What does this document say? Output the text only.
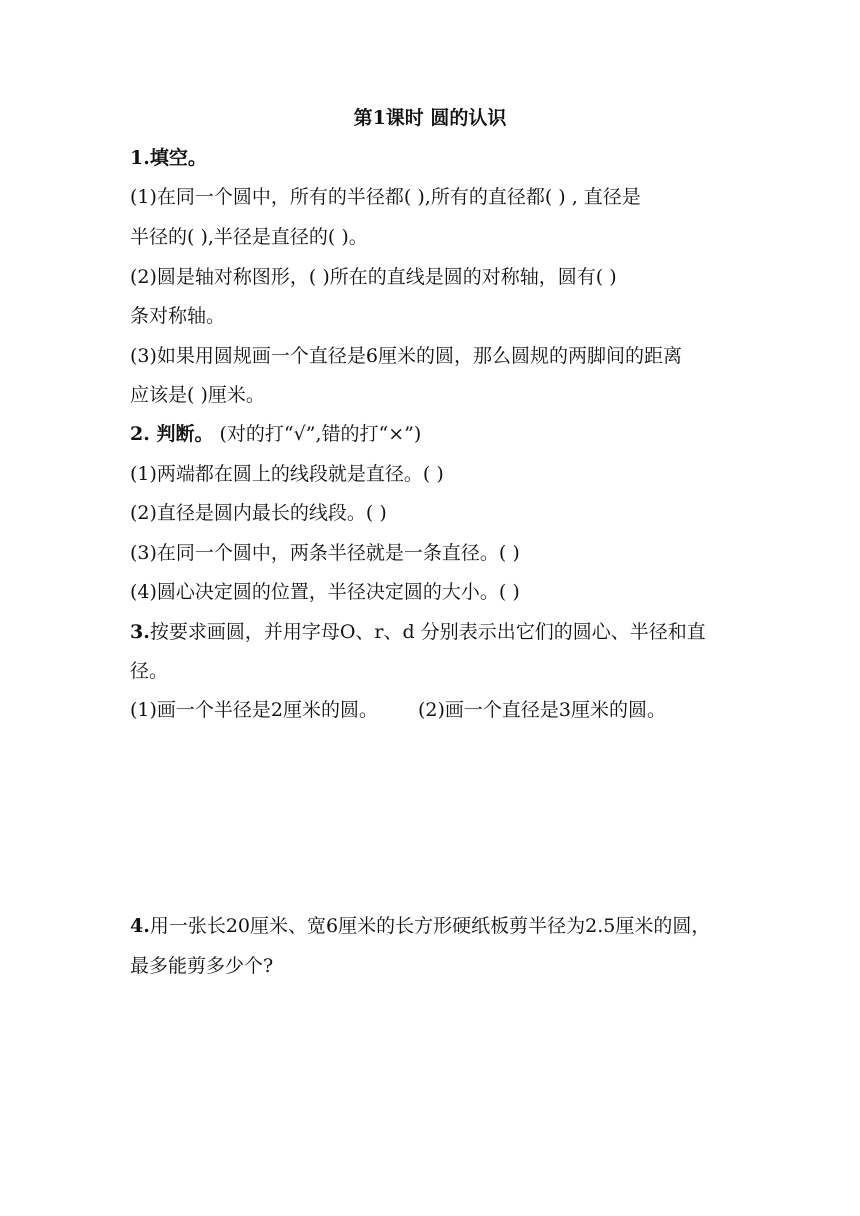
第1课时 圆的认识
1.填空。
(1)在同一个圆中，所有的半径都( ),所有的直径都( ) , 直径是
半径的( ),半径是直径的( )。
(2)圆是轴对称图形，( )所在的直线是圆的对称轴，圆有( )
条对称轴。
(3)如果用圆规画一个直径是6厘米的圆，那么圆规的两脚间的距离
应该是( )厘米。
2. 判断。 (对的打“√”,错的打“×”)
(1)两端都在圆上的线段就是直径。( )
(2)直径是圆内最长的线段。( )
(3)在同一个圆中，两条半径就是一条直径。( )
(4)圆心决定圆的位置，半径决定圆的大小。( )
3.按要求画圆，并用字母O、r、d 分别表示出它们的圆心、半径和直
径。
(1)画一个半径是2厘米的圆。 (2)画一个直径是3厘米的圆。
4.用一张长20厘米、宽6厘米的长方形硬纸板剪半径为2.5厘米的圆，
最多能剪多少个?
